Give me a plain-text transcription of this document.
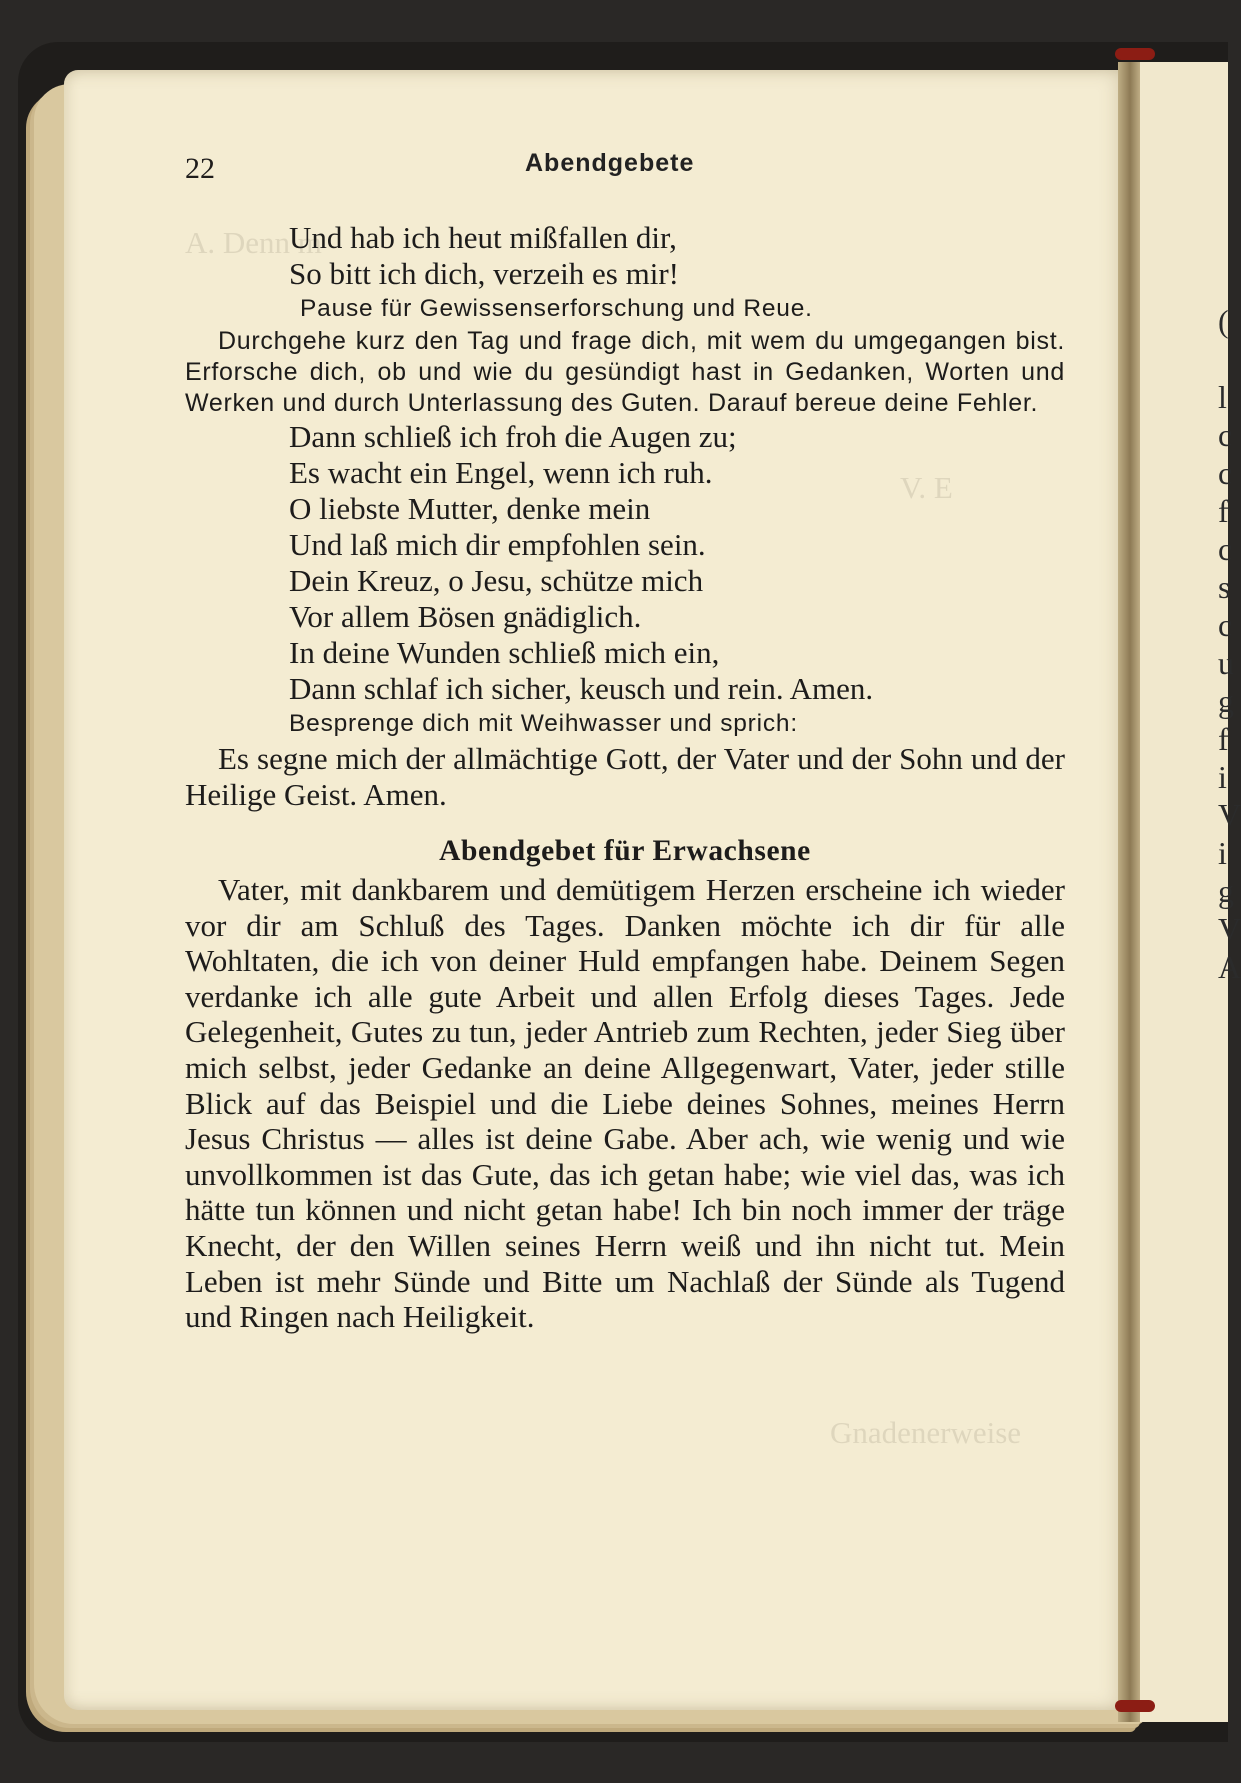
A. Denn m
V. E
Gnadenerweise
(

l
c
c
f
c
s
c
u
g
f
i
V
i
g
V
A
22	Abendgebete

Und hab ich heut mißfallen dir,

So bitt ich dich, verzeih es mir!

Pause für Gewissenserforschung und Reue.

Durchgehe kurz den Tag und frage dich, mit wem du umgegangen bist. Erforsche dich, ob und wie du gesündigt hast in Gedanken, Worten und Werken und durch Unterlassung des Guten. Darauf bereue deine Fehler.

Dann schließ ich froh die Augen zu;

Es wacht ein Engel, wenn ich ruh.

O liebste Mutter, denke mein

Und laß mich dir empfohlen sein.

Dein Kreuz, o Jesu, schütze mich

Vor allem Bösen gnädiglich.

In deine Wunden schließ mich ein,

Dann schlaf ich sicher, keusch und rein. Amen.

Besprenge dich mit Weihwasser und sprich:

Es segne mich der allmächtige Gott, der Vater und der Sohn und der Heilige Geist. Amen.

Abendgebet für Erwachsene

Vater, mit dankbarem und demütigem Herzen erscheine ich wieder vor dir am Schluß des Tages. Danken möchte ich dir für alle Wohltaten, die ich von deiner Huld empfangen habe. Deinem Segen verdanke ich alle gute Arbeit und allen Erfolg dieses Tages. Jede Gelegenheit, Gutes zu tun, jeder Antrieb zum Rechten, jeder Sieg über mich selbst, jeder Gedanke an deine Allgegenwart, Vater, jeder stille Blick auf das Beispiel und die Liebe deines Sohnes, meines Herrn Jesus Christus — alles ist deine Gabe. Aber ach, wie wenig und wie unvollkommen ist das Gute, das ich getan habe; wie viel das, was ich hätte tun können und nicht getan habe! Ich bin noch immer der träge Knecht, der den Willen seines Herrn weiß und ihn nicht tut. Mein Leben ist mehr Sünde und Bitte um Nachlaß der Sünde als Tugend und Ringen nach Heiligkeit.
